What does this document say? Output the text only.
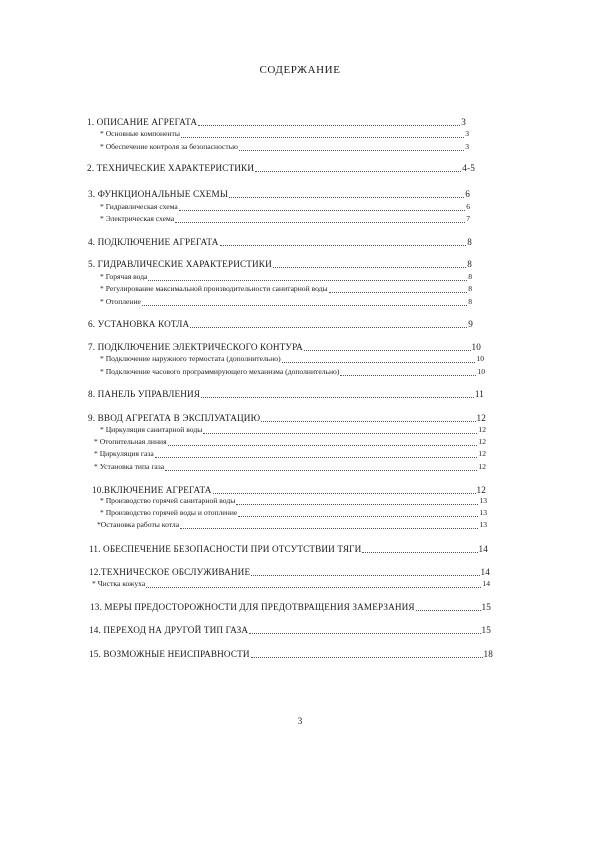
СОДЕРЖАНИЕ
1. ОПИСАНИЕ АГРЕГАТА	3
* Основные компоненты	3
* Обеспечение контроля за безопасностью	3
2. ТЕХНИЧЕСКИЕ ХАРАКТЕРИСТИКИ	4-5
3. ФУНКЦИОНАЛЬНЫЕ СХЕМЫ	6
* Гидравлическая схема	6
* Электрическая схема	7
4. ПОДКЛЮЧЕНИЕ АГРЕГАТА	8
5. ГИДРАВЛИЧЕСКИЕ ХАРАКТЕРИСТИКИ	8
* Горячая вода	8
* Регулирование максимальной производительности санитарной воды	8
* Отопление	8
6. УСТАНОВКА КОТЛА	9
7. ПОДКЛЮЧЕНИЕ ЭЛЕКТРИЧЕСКОГО КОНТУРА	10
* Подключение наружного термостата (дополнительно)	10
* Подключение часового программирующего механизма (дополнительно)	10
8. ПАНЕЛЬ УПРАВЛЕНИЯ	11
9. ВВОД АГРЕГАТА В ЭКСПЛУАТАЦИЮ	12
* Циркуляция санитарной воды	12
* Отопительная линия	12
* Циркуляция газа	12
* Установка типа газа	12
10.ВКЛЮЧЕНИЕ АГРЕГАТА	12
* Производство горячей санитарной воды	13
* Производство горячей воды и отопление	13
*Остановка работы котла	13
11. ОБЕСПЕЧЕНИЕ БЕЗОПАСНОСТИ ПРИ ОТСУТСТВИИ ТЯГИ	14
12.ТЕХНИЧЕСКОЕ ОБСЛУЖИВАНИЕ	14
* Чистка кожуха	14
13. МЕРЫ ПРЕДОСТОРОЖНОСТИ ДЛЯ ПРЕДОТВРАЩЕНИЯ ЗАМЕРЗАНИЯ	15
14. ПЕРЕХОД НА ДРУГОЙ ТИП ГАЗА	15
15. ВОЗМОЖНЫЕ НЕИСПРАВНОСТИ	18
3
